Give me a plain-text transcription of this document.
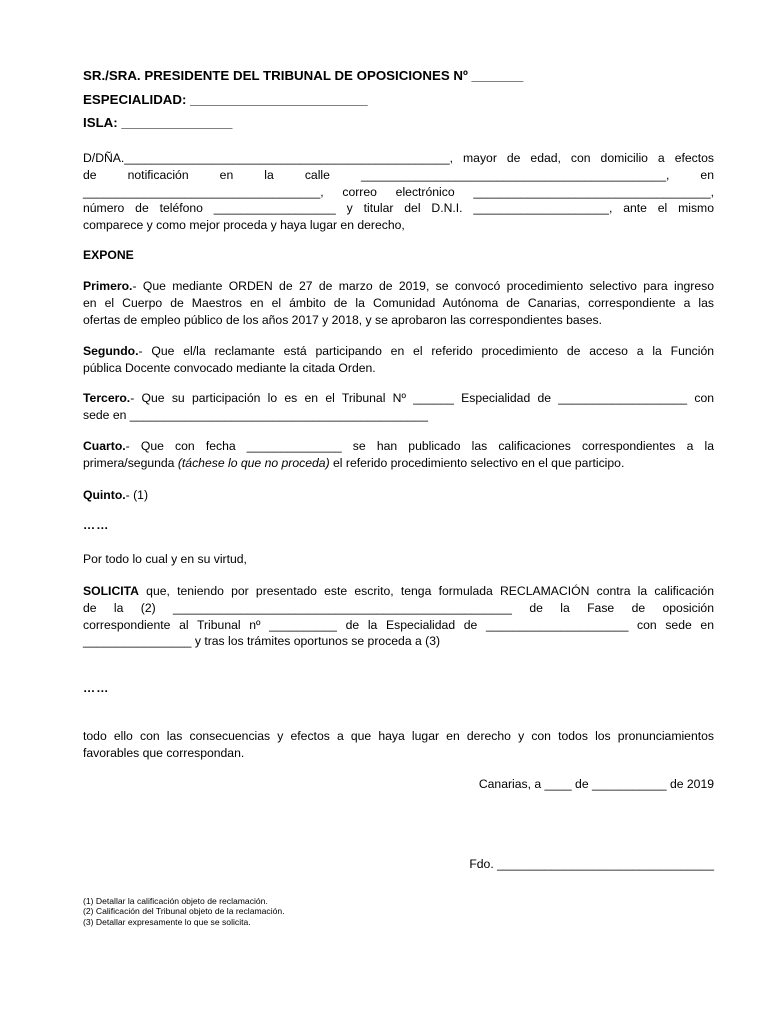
SR./SRA. PRESIDENTE DEL TRIBUNAL DE OPOSICIONES Nº _______
ESPECIALIDAD: ________________________
ISLA: _______________
D/DÑA.________________________________________________, mayor de edad, con domicilio a efectos
de notificación en la calle _____________________________________________, en
___________________________________, correo electrónico ___________________________________,
número de teléfono __________________ y titular del D.N.I. ____________________, ante el mismo
comparece y como mejor proceda y haya lugar en derecho,
EXPONE
Primero.- Que mediante ORDEN de 27 de marzo de 2019, se convocó procedimiento selectivo para ingreso
en el Cuerpo de Maestros en el ámbito de la Comunidad Autónoma de Canarias, correspondiente a las
ofertas de empleo público de los años 2017 y 2018, y se aprobaron las correspondientes bases.
Segundo.- Que el/la reclamante está participando en el referido procedimiento de acceso a la Función
pública Docente convocado mediante la citada Orden.
Tercero.- Que su participación lo es en el Tribunal Nº ______ Especialidad de ___________________ con
sede en ____________________________________________
Cuarto.- Que con fecha ______________ se han publicado las calificaciones correspondientes a la
primera/segunda (táchese lo que no proceda) el referido procedimiento selectivo en el que participo.
Quinto.- (1)
……
Por todo lo cual y en su virtud,
SOLICITA que, teniendo por presentado este escrito, tenga formulada RECLAMACIÓN contra la calificación
de la (2) __________________________________________________ de la Fase de oposición
correspondiente al Tribunal nº __________ de la Especialidad de _____________________ con sede en
________________ y tras los trámites oportunos se proceda a (3)
……
todo ello con las consecuencias y efectos a que haya lugar en derecho y con todos los pronunciamientos
favorables que correspondan.
Canarias, a ____ de ___________ de 2019
Fdo. ________________________________
(1) Detallar la calificación objeto de reclamación.
(2) Calificación del Tribunal objeto de la reclamación.
(3) Detallar expresamente lo que se solicita.
